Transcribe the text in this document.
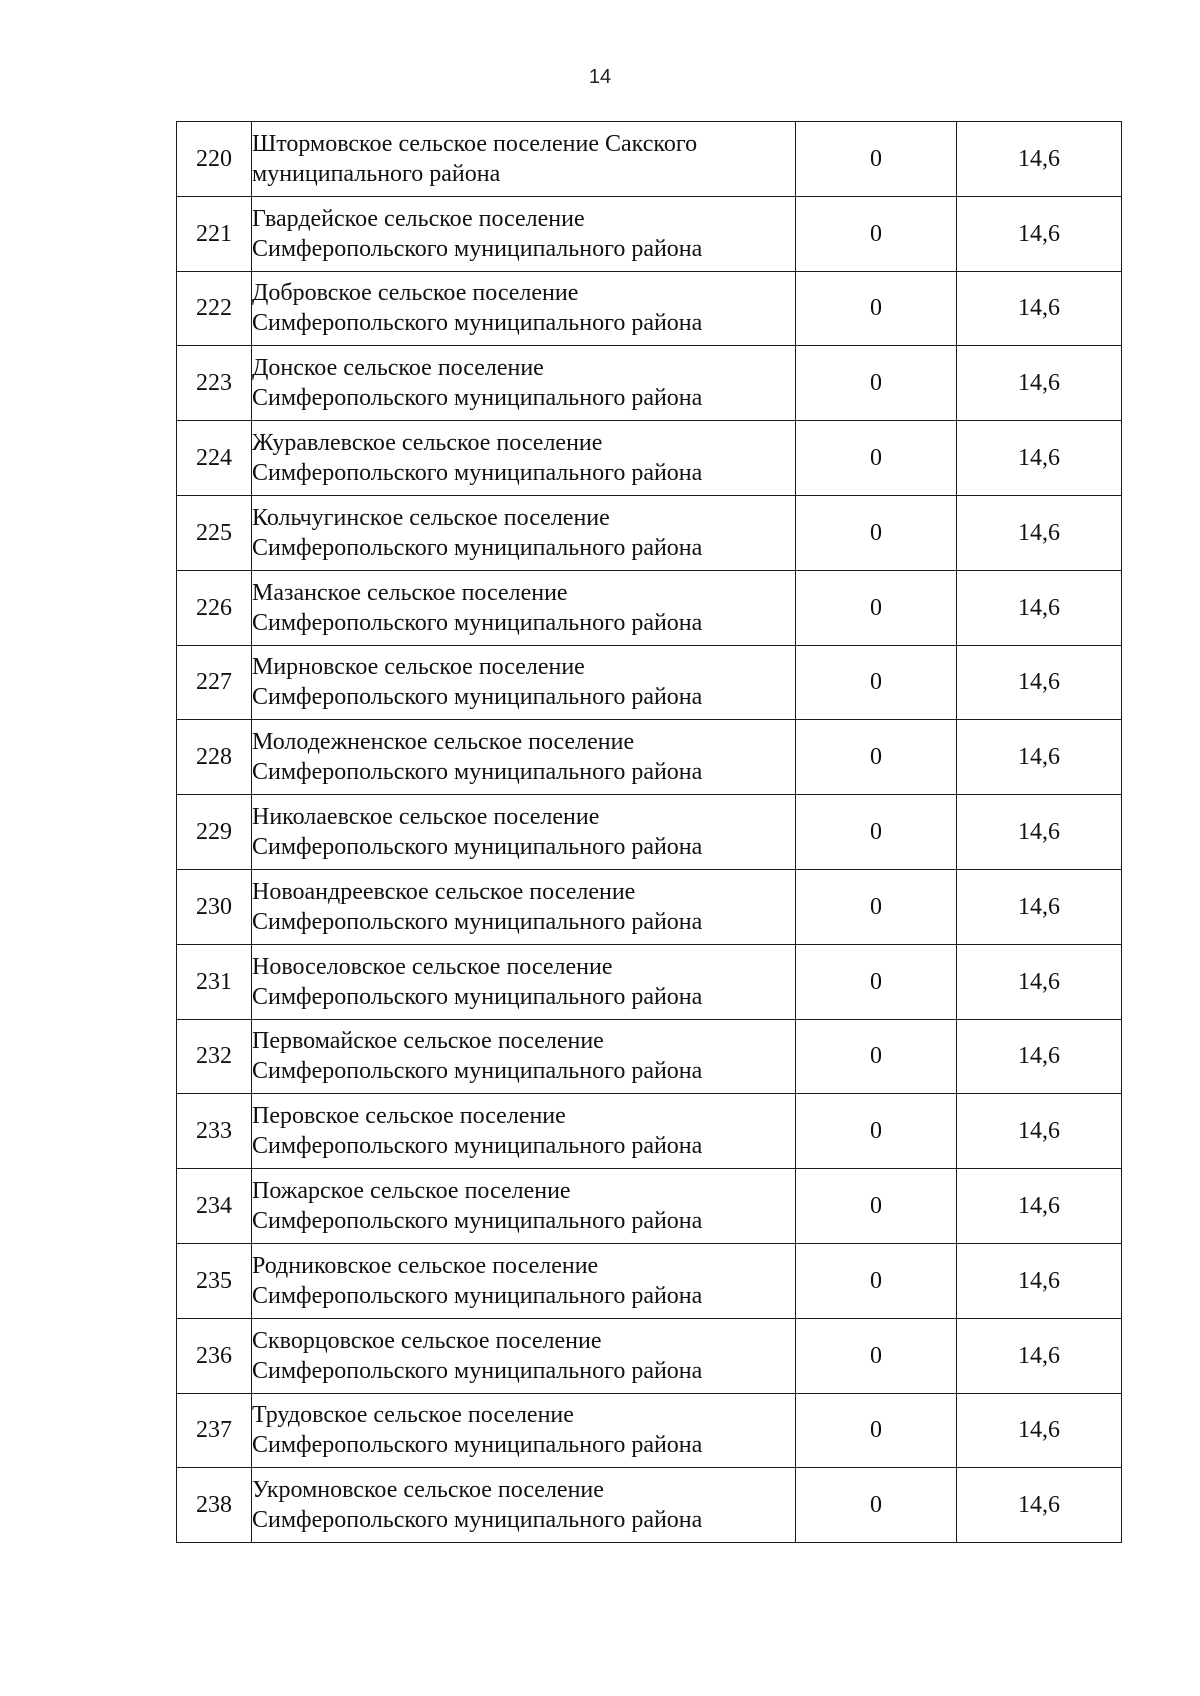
14
220	Штормовское сельское поселение Сакского
муниципального района	0	14,6
221	Гвардейское сельское поселение
Симферопольского муниципального района	0	14,6
222	Добровское сельское поселение
Симферопольского муниципального района	0	14,6
223	Донское сельское поселение
Симферопольского муниципального района	0	14,6
224	Журавлевское сельское поселение
Симферопольского муниципального района	0	14,6
225	Кольчугинское сельское поселение
Симферопольского муниципального района	0	14,6
226	Мазанское сельское поселение
Симферопольского муниципального района	0	14,6
227	Мирновское сельское поселение
Симферопольского муниципального района	0	14,6
228	Молодежненское сельское поселение
Симферопольского муниципального района	0	14,6
229	Николаевское сельское поселение
Симферопольского муниципального района	0	14,6
230	Новоандреевское сельское поселение
Симферопольского муниципального района	0	14,6
231	Новоселовское сельское поселение
Симферопольского муниципального района	0	14,6
232	Первомайское сельское поселение
Симферопольского муниципального района	0	14,6
233	Перовское сельское поселение
Симферопольского муниципального района	0	14,6
234	Пожарское сельское поселение
Симферопольского муниципального района	0	14,6
235	Родниковское сельское поселение
Симферопольского муниципального района	0	14,6
236	Скворцовское сельское поселение
Симферопольского муниципального района	0	14,6
237	Трудовское сельское поселение
Симферопольского муниципального района	0	14,6
238	Укромновское сельское поселение
Симферопольского муниципального района	0	14,6
